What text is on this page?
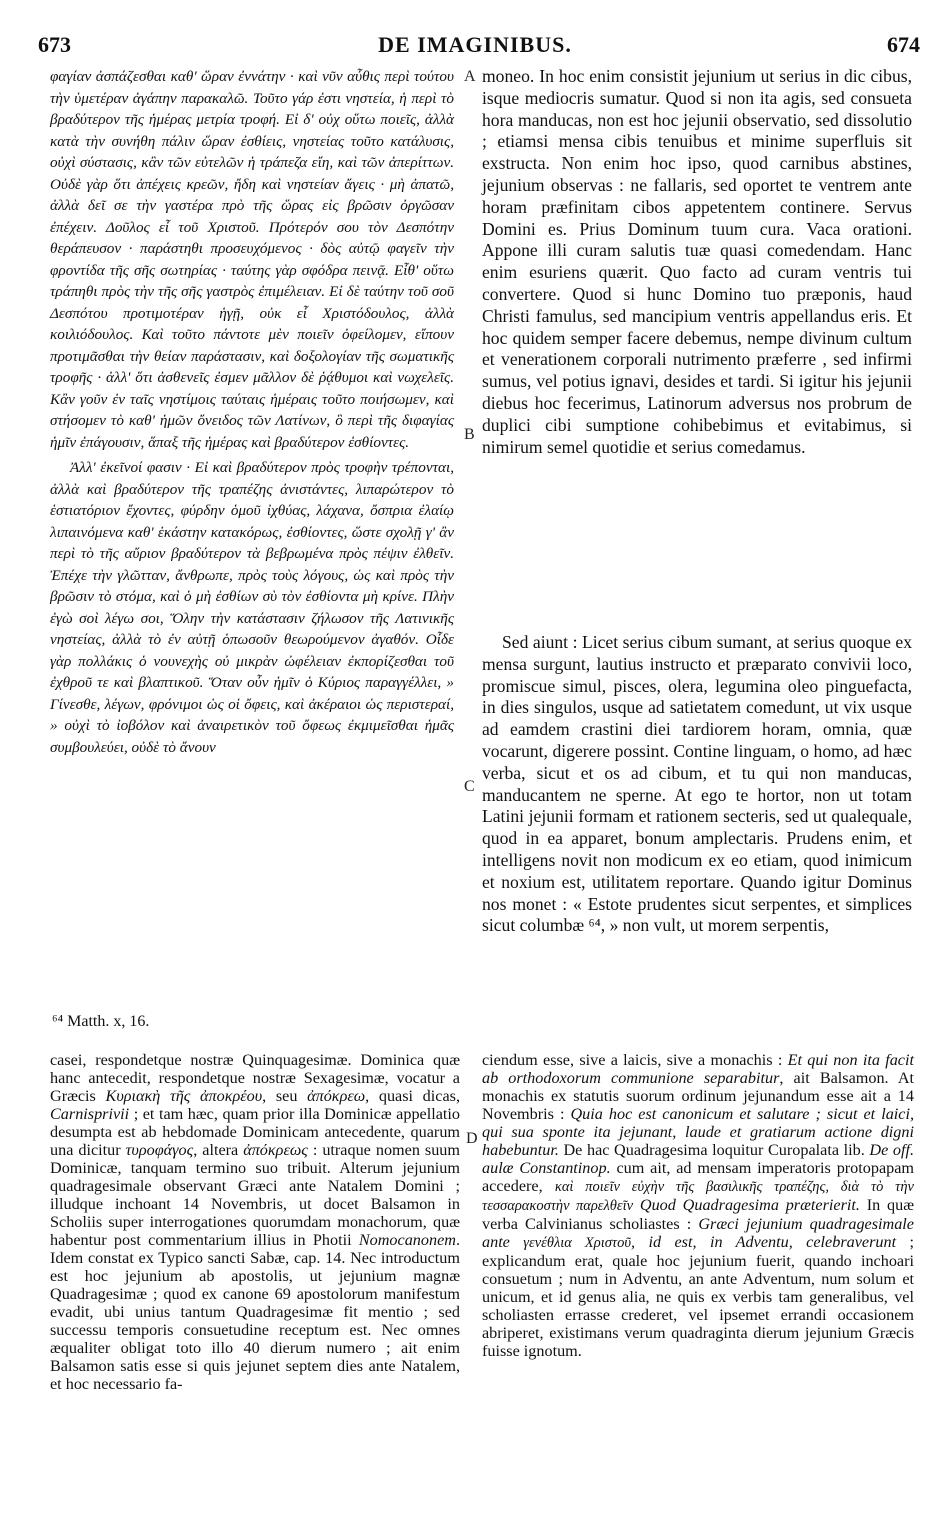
673	DE IMAGINIBUS.	674

φαγίαν ἀσπάζεσθαι καθ' ὥραν ἐννάτην · καὶ νῦν αὖθις περὶ τούτου τὴν ὑμετέραν ἀγάπην παρακαλῶ. Τοῦτο γάρ ἐστι νηστεία, ἡ περὶ τὸ βραδύτερον τῆς ἡμέρας μετρία τροφή. Εἰ δ' οὐχ οὕτω ποιεῖς, ἀλλὰ κατὰ τὴν συνήθη πάλιν ὥραν ἐσθίεις, νηστείας τοῦτο κατάλυσις, οὐχὶ σύστασις, κἂν τῶν εὐτελῶν ἡ τράπεζα εἴη, καὶ τῶν ἀπερίττων. Οὐδὲ γὰρ ὅτι ἀπέχεις κρεῶν, ἤδη καὶ νηστείαν ἄγεις · μὴ ἀπατῶ, ἀλλὰ δεῖ σε τὴν γαστέρα πρὸ τῆς ὥρας εἰς βρῶσιν ὀργῶσαν ἐπέχειν. Δοῦλος εἶ τοῦ Χριστοῦ. Πρότερόν σου τὸν Δεσπότην θεράπευσον · παράστηθι προσευχόμενος · δὸς αὐτῷ φαγεῖν τὴν φροντίδα τῆς σῆς σωτηρίας · ταύτης γὰρ σφόδρα πεινᾷ. Εἶθ' οὕτω τράπηθι πρὸς τὴν τῆς σῆς γαστρὸς ἐπιμέλειαν. Εἰ δὲ ταύτην τοῦ σοῦ Δεσπότου προτιμοτέραν ἡγῇ, οὐκ εἶ Χριστόδουλος, ἀλλὰ κοιλιόδουλος. Καὶ τοῦτο πάντοτε μὲν ποιεῖν ὀφείλομεν, εἴπουν προτιμᾶσθαι τὴν θείαν παράστασιν, καὶ δοξολογίαν τῆς σωματικῆς τροφῆς · ἀλλ' ὅτι ἀσθενεῖς ἐσμεν μᾶλλον δὲ ῥᾴθυμοι καὶ νωχελεῖς. Κἂν γοῦν ἐν ταῖς νηστίμοις ταύταις ἡμέραις τοῦτο ποιήσωμεν, καὶ στήσομεν τὸ καθ' ἡμῶν ὄνειδος τῶν Λατίνων, ὃ περὶ τῆς διφαγίας ἡμῖν ἐπάγουσιν, ἅπαξ τῆς ἡμέρας καὶ βραδύτερον ἐσθίοντες.

Ἀλλ' ἐκεῖνοί φασιν · Εἰ καὶ βραδύτερον πρὸς τροφὴν τρέπονται, ἀλλὰ καὶ βραδύτερον τῆς τραπέζης ἀνιστάντες, λιπαρώτερον τὸ ἑστιατόριον ἔχοντες, φύρδην ὁμοῦ ἰχθύας, λάχανα, ὄσπρια ἐλαίῳ λιπαινόμενα καθ' ἑκάστην κατακόρως, ἐσθίοντες, ὥστε σχολῇ γ' ἂν περὶ τὸ τῆς αὔριον βραδύτερον τὰ βεβρωμένα πρὸς πέψιν ἐλθεῖν. Ἐπέχε τὴν γλῶτταν, ἄνθρωπε, πρὸς τοὺς λόγους, ὡς καὶ πρὸς τὴν βρῶσιν τὸ στόμα, καὶ ὁ μὴ ἐσθίων σὺ τὸν ἐσθίοντα μὴ κρίνε. Πλὴν ἐγὼ σοὶ λέγω σοι, Ὅλην τὴν κατάστασιν ζήλωσον τῆς Λατινικῆς νηστείας, ἀλλὰ τὸ ἐν αὐτῇ ὁπωσοῦν θεωρούμενον ἀγαθόν. Οἶδε γὰρ πολλάκις ὁ νουνεχὴς οὐ μικρὰν ὠφέλειαν ἐκπορίζεσθαι τοῦ ἐχθροῦ τε καὶ βλαπτικοῦ. Ὅταν οὖν ἡμῖν ὁ Κύριος παραγγέλλει, » Γίνεσθε, λέγων, φρόνιμοι ὡς οἱ ὄφεις, καὶ ἀκέραιοι ὡς περιστεραί, » οὐχὶ τὸ ἰοβόλον καὶ ἀναιρετικὸν τοῦ ὄφεως ἐκμιμεῖσθαι ἡμᾶς συμβουλεύει, οὐδὲ τὸ ἄνουν

moneo. In hoc enim consistit jejunium ut serius in dic cibus, isque mediocris sumatur. Quod si non ita agis, sed consueta hora manducas, non est hoc jejunii observatio, sed dissolutio ; etiamsi mensa cibis tenuibus et minime superfluis sit exstructa. Non enim hoc ipso, quod carnibus abstines, jejunium observas : ne fallaris, sed oportet te ventrem ante horam præfinitam cibos appetentem continere. Servus Domini es. Prius Dominum tuum cura. Vaca orationi. Appone illi curam salutis tuæ quasi comedendam. Hanc enim esuriens quærit. Quo facto ad curam ventris tui convertere. Quod si hunc Domino tuo præponis, haud Christi famulus, sed mancipium ventris appellandus eris. Et hoc quidem semper facere debemus, nempe divinum cultum et venerationem corporali nutrimento præferre , sed infirmi sumus, vel potius ignavi, desides et tardi. Si igitur his jejunii diebus hoc fecerimus, Latinorum adversus nos probrum de duplici cibi sumptione cohibebimus et evitabimus, si nimirum semel quotidie et serius comedamus.

Sed aiunt : Licet serius cibum sumant, at serius quoque ex mensa surgunt, lautius instructo et præparato convivii loco, promiscue simul, pisces, olera, legumina oleo pinguefacta, in dies singulos, usque ad satietatem comedunt, ut vix usque ad eamdem crastini diei tardiorem horam, omnia, quæ vocarunt, digerere possint. Contine linguam, o homo, ad hæc verba, sicut et os ad cibum, et tu qui non manducas, manducantem ne sperne. At ego te hortor, non ut totam Latini jejunii formam et rationem secteris, sed ut qualequale, quod in ea apparet, bonum amplectaris. Prudens enim, et intelligens novit non modicum ex eo etiam, quod inimicum et noxium est, utilitatem reportare. Quando igitur Dominus nos monet : « Estote prudentes sicut serpentes, et simplices sicut columbæ ⁶⁴, » non vult, ut morem serpentis,

A
B
C
D
⁶⁴ Matth. x, 16.

casei, respondetque nostræ Quinquagesimæ. Dominica quæ hanc antecedit, respondetque nostræ Sexagesimæ, vocatur a Græcis Κυριακὴ τῆς ἀποκρέου, seu ἀπόκρεω, quasi dicas, Carnisprivii ; et tam hæc, quam prior illa Dominicæ appellatio desumpta est ab hebdomade Dominicam antecedente, quarum una dicitur τυροφάγος, altera ἀπόκρεως : utraque nomen suum Dominicæ, tanquam termino suo tribuit. Alterum jejunium quadragesimale observant Græci ante Natalem Domini ; illudque inchoant 14 Novembris, ut docet Balsamon in Scholiis super interrogationes quorumdam monachorum, quæ habentur post commentarium illius in Photii Nomocanonem. Idem constat ex Typico sancti Sabæ, cap. 14. Nec introductum est hoc jejunium ab apostolis, ut jejunium magnæ Quadragesimæ ; quod ex canone 69 apostolorum manifestum evadit, ubi unius tantum Quadragesimæ fit mentio ; sed successu temporis consuetudine receptum est. Nec omnes æqualiter obligat toto illo 40 dierum numero ; ait enim Balsamon satis esse si quis jejunet septem dies ante Natalem, et hoc necessario fa-

ciendum esse, sive a laicis, sive a monachis : Et qui non ita facit ab orthodoxorum communione separabitur, ait Balsamon. At monachis ex statutis suorum ordinum jejunandum esse ait a 14 Novembris : Quia hoc est canonicum et salutare ; sicut et laici, qui sua sponte ita jejunant, laude et gratiarum actione digni habebuntur. De hac Quadragesima loquitur Curopalata lib. De off. aulæ Constantinop. cum ait, ad mensam imperatoris protopapam accedere, καὶ ποιεῖν εὐχὴν τῆς βασιλικῆς τραπέζης, διὰ τὸ τὴν τεσσαρακοστὴν παρελθεῖν Quod Quadragesima præterierit. In quæ verba Calvinianus scholiastes : Græci jejunium quadragesimale ante γενέθλια Χριστοῦ, id est, in Adventu, celebraverunt ; explicandum erat, quale hoc jejunium fuerit, quando inchoari consuetum ; num in Adventu, an ante Adventum, num solum et unicum, et id genus alia, ne quis ex verbis tam generalibus, vel scholiasten errasse crederet, vel ipsemet errandi occasionem abriperet, existimans verum quadraginta dierum jejunium Græcis fuisse ignotum.
